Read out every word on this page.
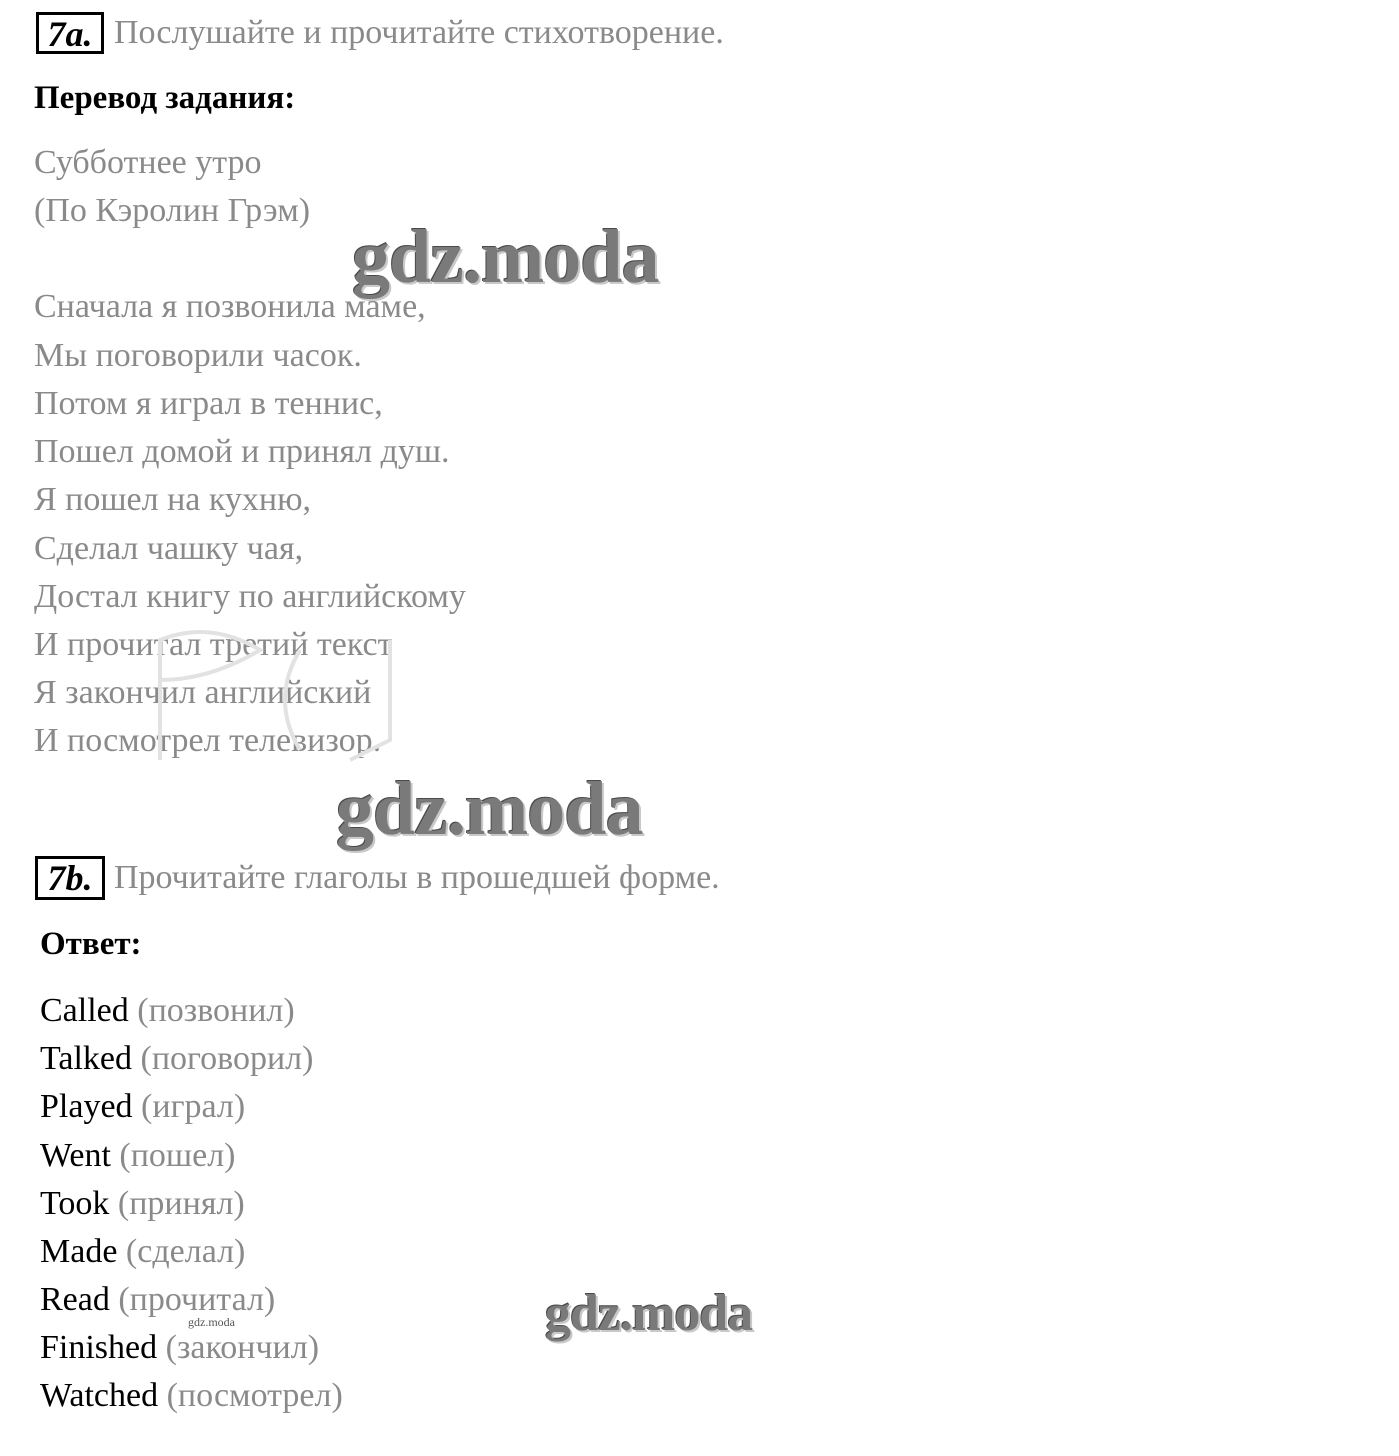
7a. Послушайте и прочитайте стихотворение.
Перевод задания:
Субботнее утро
(По Кэролин Грэм)
Сначала я позвонила маме,
Мы поговорили часок.
Потом я играл в теннис,
Пошел домой и принял душ.
Я пошел на кухню,
Сделал чашку чая,
Достал книгу по английскому
И прочитал третий текст
Я закончил английский
И посмотрел телевизор.
gdz.moda
gdz.moda
7b. Прочитайте глаголы в прошедшей форме.
Ответ:
Called (позвонил)
Talked (поговорил)
Played (играл)
Went (пошел)
Took (принял)
Made (сделал)
Read (прочитал)
Finished (закончил)
Watched (посмотрел)
gdz.moda
gdz.moda
